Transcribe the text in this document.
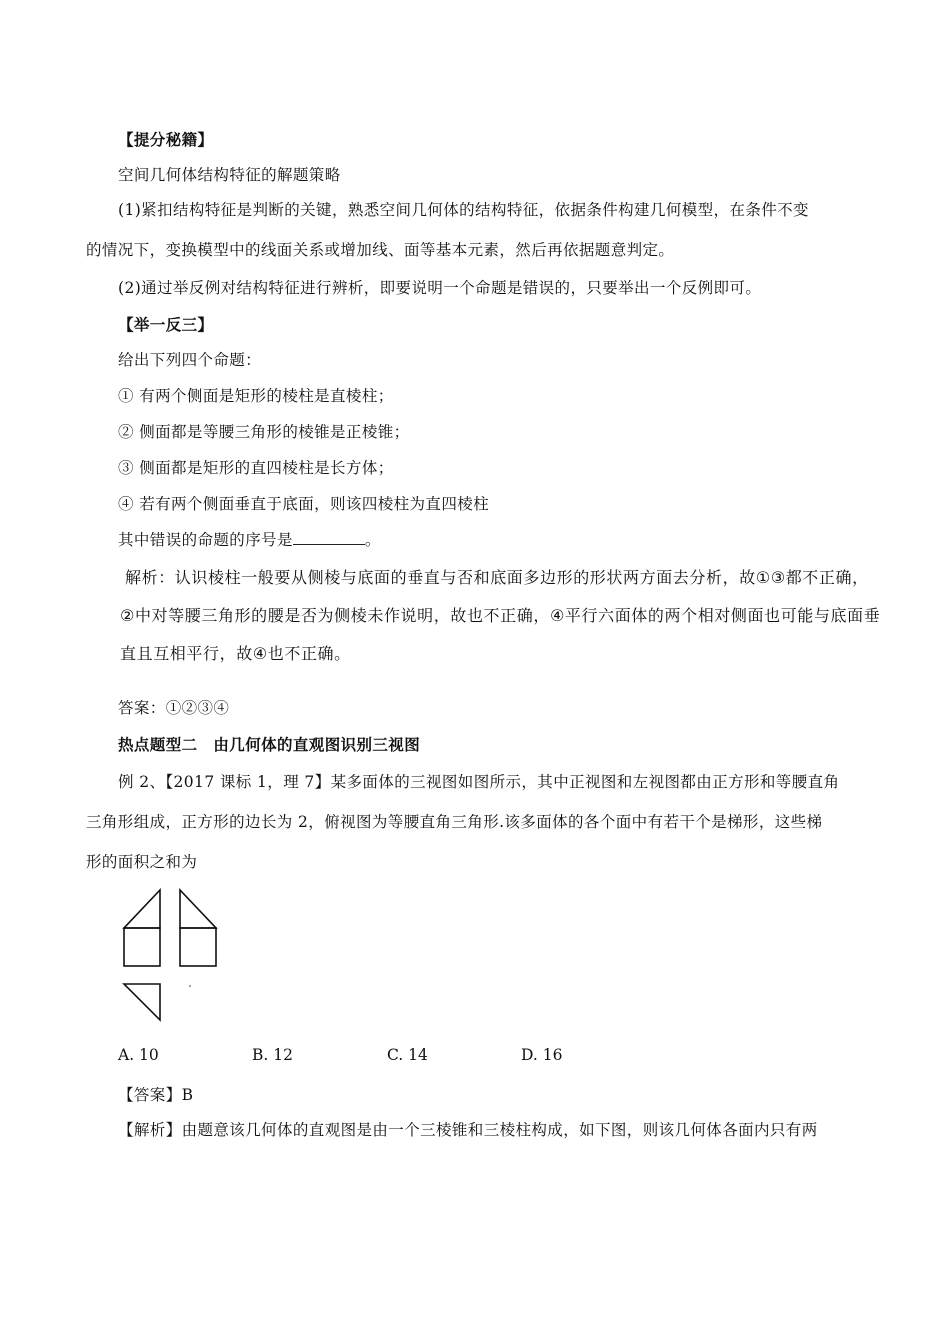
【提分秘籍】
空间几何体结构特征的解题策略
(1)紧扣结构特征是判断的关键，熟悉空间几何体的结构特征，依据条件构建几何模型，在条件不变
的情况下，变换模型中的线面关系或增加线、面等基本元素，然后再依据题意判定。
(2)通过举反例对结构特征进行辨析，即要说明一个命题是错误的，只要举出一个反例即可。
【举一反三】
给出下列四个命题：
① 有两个侧面是矩形的棱柱是直棱柱；
② 侧面都是等腰三角形的棱锥是正棱锥；
③ 侧面都是矩形的直四棱柱是长方体；
④ 若有两个侧面垂直于底面，则该四棱柱为直四棱柱
其中错误的命题的序号是	。
解析：认识棱柱一般要从侧棱与底面的垂直与否和底面多边形的形状两方面去分析，故①③都不正确，
②中对等腰三角形的腰是否为侧棱未作说明，故也不正确，④平行六面体的两个相对侧面也可能与底面垂
直且互相平行，故④也不正确。
答案：①②③④
热点题型二　由几何体的直观图识别三视图
例 2、【2017 课标 1，理 7】某多面体的三视图如图所示，其中正视图和左视图都由正方形和等腰直角
三角形组成，正方形的边长为 2，俯视图为等腰直角三角形.该多面体的各个面中有若干个是梯形，这些梯
形的面积之和为
A. 10	B. 12	C. 14	D. 16
【答案】B
【解析】由题意该几何体的直观图是由一个三棱锥和三棱柱构成，如下图，则该几何体各面内只有两
